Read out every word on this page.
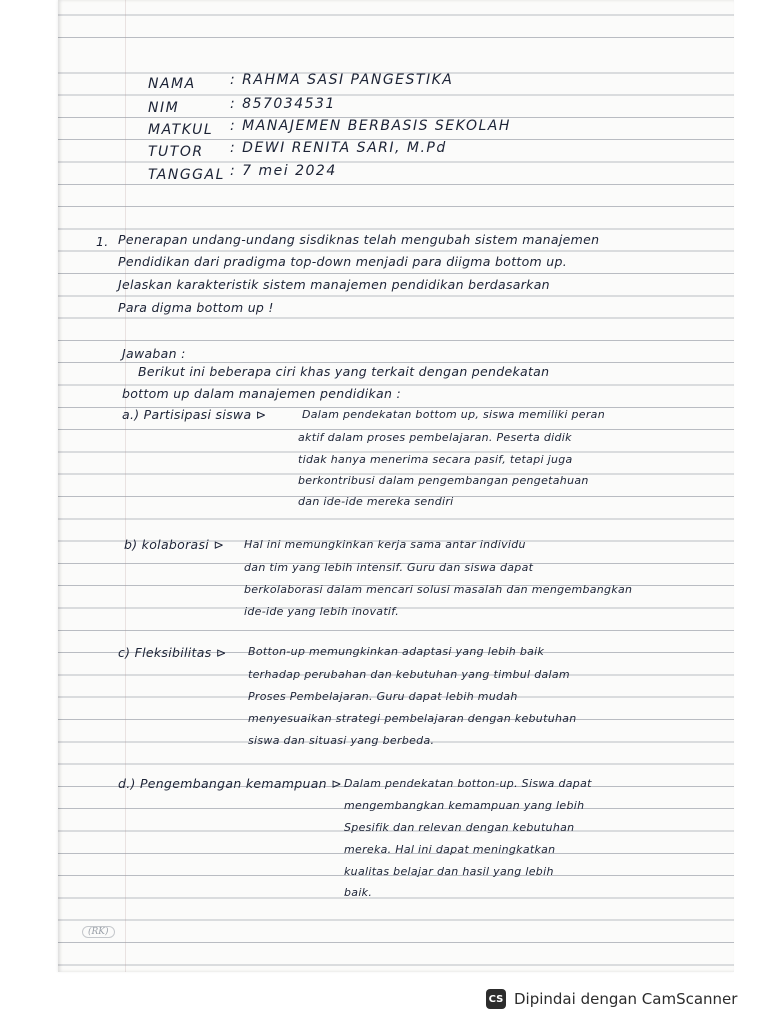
NAMA : RAHMA SASI PANGESTIKA
NIM	: 857034531
MATKUL : MANAJEMEN BERBASIS SEKOLAH
TUTOR : DEWI RENITA SARI, M.Pd
TANGGAL : 7 mei 2024
1. Penerapan undang-undang sisdiknas telah mengubah sistem manajemen
Pendidikan dari pradigma top-down menjadi para diigma bottom up.
Jelaskan karakteristik sistem manajemen pendidikan berdasarkan
Para digma bottom up !
Jawaban :
Berikut ini beberapa ciri khas yang terkait dengan pendekatan
bottom up dalam manajemen pendidikan :
a.) Partisipasi siswa ⊳	Dalam pendekatan bottom up, siswa memiliki peran
aktif dalam proses pembelajaran. Peserta didik
tidak hanya menerima secara pasif, tetapi juga
berkontribusi dalam pengembangan pengetahuan
dan ide-ide mereka sendiri
b) kolaborasi ⊳ Hal ini memungkinkan kerja sama antar individu
dan tim yang lebih intensif. Guru dan siswa dapat
berkolaborasi dalam mencari solusi masalah dan mengembangkan
ide-ide yang lebih inovatif.
c) Fleksibilitas ⊳ Botton-up memungkinkan adaptasi yang lebih baik
terhadap perubahan dan kebutuhan yang timbul dalam
Proses Pembelajaran. Guru dapat lebih mudah
menyesuaikan strategi pembelajaran dengan kebutuhan
siswa dan situasi yang berbeda.
d.) Pengembangan kemampuan ⊳ Dalam pendekatan botton-up. Siswa dapat
mengembangkan kemampuan yang lebih
Spesifik dan relevan dengan kebutuhan
mereka. Hal ini dapat meningkatkan
kualitas belajar dan hasil yang lebih
baik.
(RK)
CS Dipindai dengan CamScanner
